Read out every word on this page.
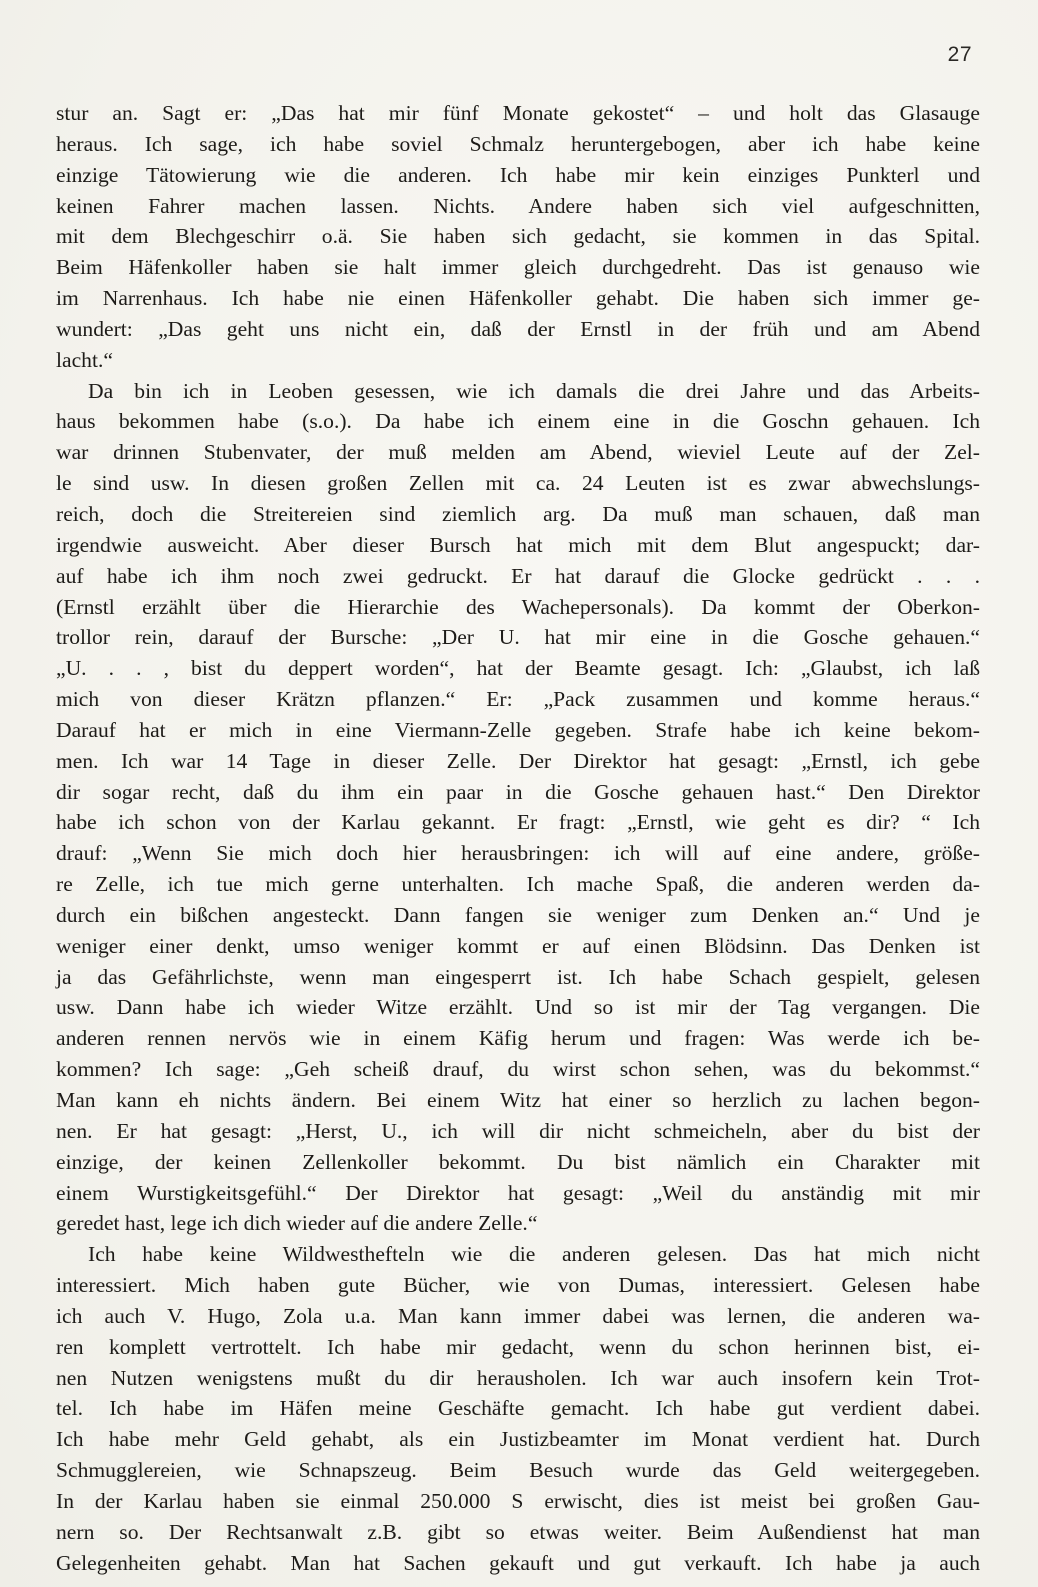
27
stur an. Sagt er: „Das hat mir fünf Monate gekostet“ – und holt das Glasauge
heraus. Ich sage, ich habe soviel Schmalz heruntergebogen, aber ich habe keine
einzige Tätowierung wie die anderen. Ich habe mir kein einziges Punkterl und
keinen Fahrer machen lassen. Nichts. Andere haben sich viel aufgeschnitten,
mit dem Blechgeschirr o.ä. Sie haben sich gedacht, sie kommen in das Spital.
Beim Häfenkoller haben sie halt immer gleich durchgedreht. Das ist genauso wie
im Narrenhaus. Ich habe nie einen Häfenkoller gehabt. Die haben sich immer ge-
wundert: „Das geht uns nicht ein, daß der Ernstl in der früh und am Abend
lacht.“
Da bin ich in Leoben gesessen, wie ich damals die drei Jahre und das Arbeits-
haus bekommen habe (s.o.). Da habe ich einem eine in die Goschn gehauen. Ich
war drinnen Stubenvater, der muß melden am Abend, wieviel Leute auf der Zel-
le sind usw. In diesen großen Zellen mit ca. 24 Leuten ist es zwar abwechslungs-
reich, doch die Streitereien sind ziemlich arg. Da muß man schauen, daß man
irgendwie ausweicht. Aber dieser Bursch hat mich mit dem Blut angespuckt; dar-
auf habe ich ihm noch zwei gedruckt. Er hat darauf die Glocke gedrückt . . .
(Ernstl erzählt über die Hierarchie des Wachepersonals). Da kommt der Oberkon-
trollor rein, darauf der Bursche: „Der U. hat mir eine in die Gosche gehauen.“
„U. . . , bist du deppert worden“, hat der Beamte gesagt. Ich: „Glaubst, ich laß
mich von dieser Krätzn pflanzen.“ Er: „Pack zusammen und komme heraus.“
Darauf hat er mich in eine Viermann-Zelle gegeben. Strafe habe ich keine bekom-
men. Ich war 14 Tage in dieser Zelle. Der Direktor hat gesagt: „Ernstl, ich gebe
dir sogar recht, daß du ihm ein paar in die Gosche gehauen hast.“ Den Direktor
habe ich schon von der Karlau gekannt. Er fragt: „Ernstl, wie geht es dir? “ Ich
drauf: „Wenn Sie mich doch hier herausbringen: ich will auf eine andere, größe-
re Zelle, ich tue mich gerne unterhalten. Ich mache Spaß, die anderen werden da-
durch ein bißchen angesteckt. Dann fangen sie weniger zum Denken an.“ Und je
weniger einer denkt, umso weniger kommt er auf einen Blödsinn. Das Denken ist
ja das Gefährlichste, wenn man eingesperrt ist. Ich habe Schach gespielt, gelesen
usw. Dann habe ich wieder Witze erzählt. Und so ist mir der Tag vergangen. Die
anderen rennen nervös wie in einem Käfig herum und fragen: Was werde ich be-
kommen? Ich sage: „Geh scheiß drauf, du wirst schon sehen, was du bekommst.“
Man kann eh nichts ändern. Bei einem Witz hat einer so herzlich zu lachen begon-
nen. Er hat gesagt: „Herst, U., ich will dir nicht schmeicheln, aber du bist der
einzige, der keinen Zellenkoller bekommt. Du bist nämlich ein Charakter mit
einem Wurstigkeitsgefühl.“ Der Direktor hat gesagt: „Weil du anständig mit mir
geredet hast, lege ich dich wieder auf die andere Zelle.“
Ich habe keine Wildwesthefteln wie die anderen gelesen. Das hat mich nicht
interessiert. Mich haben gute Bücher, wie von Dumas, interessiert. Gelesen habe
ich auch V. Hugo, Zola u.a. Man kann immer dabei was lernen, die anderen wa-
ren komplett vertrottelt. Ich habe mir gedacht, wenn du schon herinnen bist, ei-
nen Nutzen wenigstens mußt du dir herausholen. Ich war auch insofern kein Trot-
tel. Ich habe im Häfen meine Geschäfte gemacht. Ich habe gut verdient dabei.
Ich habe mehr Geld gehabt, als ein Justizbeamter im Monat verdient hat. Durch
Schmugglereien, wie Schnapszeug. Beim Besuch wurde das Geld weitergegeben.
In der Karlau haben sie einmal 250.000 S erwischt, dies ist meist bei großen Gau-
nern so. Der Rechtsanwalt z.B. gibt so etwas weiter. Beim Außendienst hat man
Gelegenheiten gehabt. Man hat Sachen gekauft und gut verkauft. Ich habe ja auch
